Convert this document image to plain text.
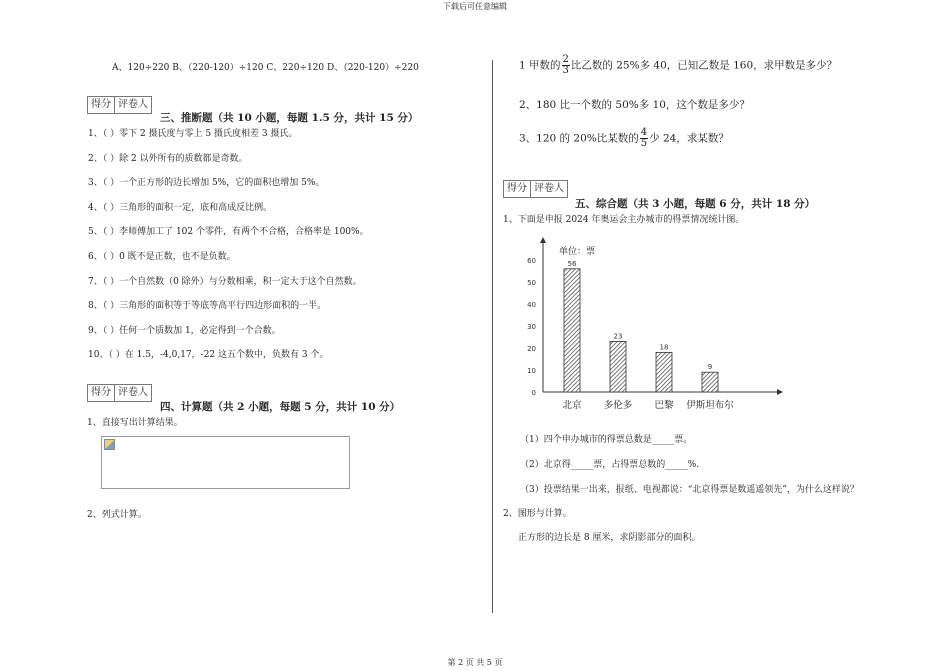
下载后可任意编辑
第 2 页 共 5 页
A、120÷220 B、（220-120）÷120 C、220÷120 D、（220-120）÷220
得分 评卷人
三、推断题（共 10 小题，每题 1.5 分，共计 15 分）
1、（ ）零下 2 摄氏度与零上 5 摄氏度相差 3 摄氏。
2、（ ）除 2 以外所有的质数都是奇数。
3、（ ）一个正方形的边长增加 5%，它的面积也增加 5%。
4、（ ）三角形的面积一定，底和高成反比例。
5、（ ）李师傅加工了 102 个零件，有两个不合格，合格率是 100%。
6、（ ）0 既不是正数，也不是负数。
7、（ ）一个自然数（0 除外）与分数相乘，积一定大于这个自然数。
8、（ ）三角形的面积等于等底等高平行四边形面积的一半。
9、（ ）任何一个质数加 1，必定得到一个合数。
10、（ ）在 1.5，-4,0,17，-22 这五个数中，负数有 3 个。
得分 评卷人
四、计算题（共 2 小题，每题 5 分，共计 10 分）
1、直接写出计算结果。
2、列式计算。
1 甲数的 $\frac{2}{3}$ 比乙数的 25%多 40，已知乙数是 160，求甲数是多少？
2、180 比一个数的 50%多 10，这个数是多少？
3、120 的 20%比某数的 $\frac{4}{5}$ 少 24，求某数？
得分 评卷人
五、综合题（共 3 小题，每题 6 分，共计 18 分）
1、下面是申报 2024 年奥运会主办城市的得票情况统计图。
单位：票
0
10
20
30
40
50
60	56
北京
23
多伦多
18
巴黎
9
伊斯坦布尔
（1）四个申办城市的得票总数是_____票。
（2）北京得_____票，占得票总数的_____%.
（3）投票结果一出来，报纸、电视都说：“北京得票是数遥遥领先”，为什么这样说？
2、图形与计算。
正方形的边长是 8 厘米，求阴影部分的面积。
